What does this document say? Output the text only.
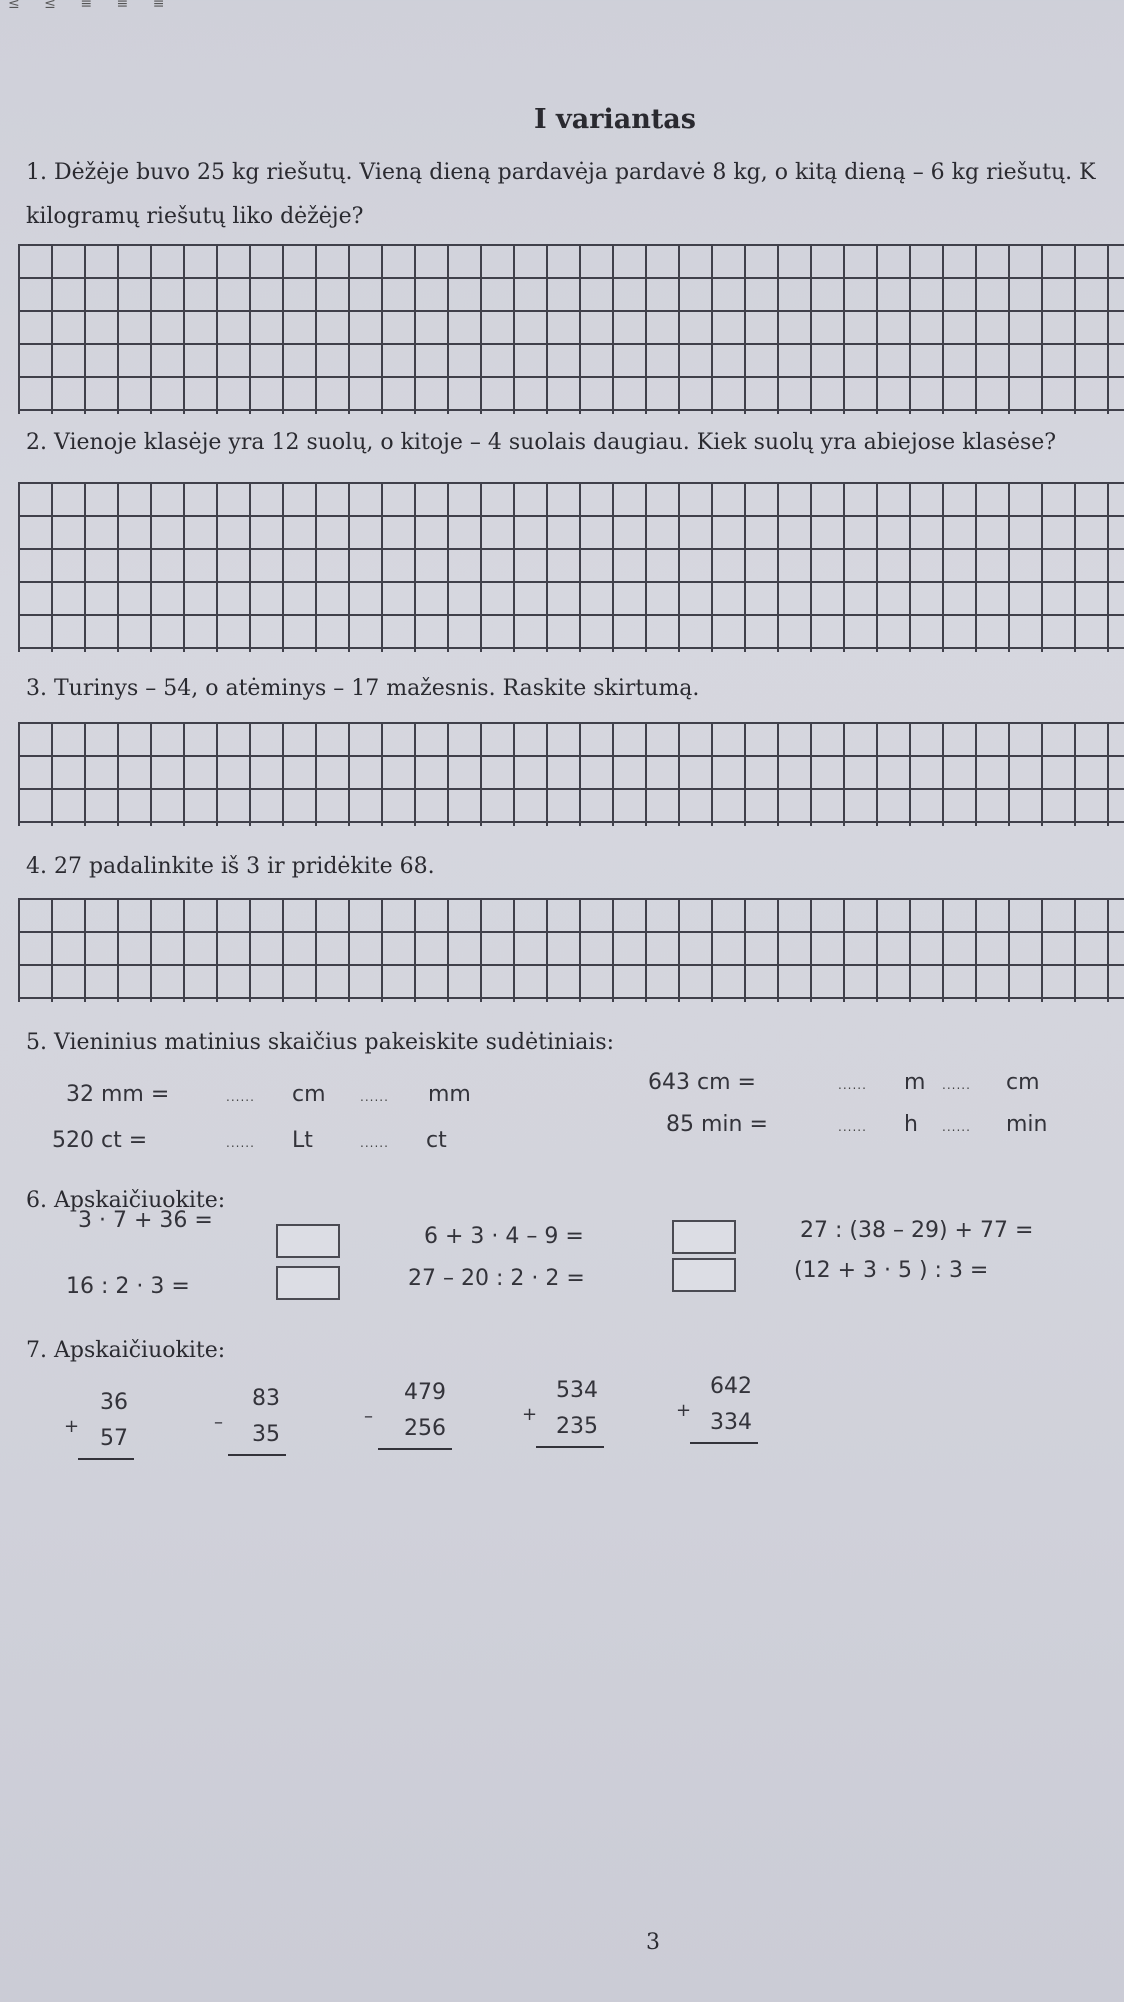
≤ ≤ ≡ ≡ ≡
I variantas
1. Dėžėje buvo 25 kg riešutų. Vieną dieną pardavėja pardavė 8 kg, o kitą dieną – 6 kg riešutų. K
kilogramų riešutų liko dėžėje?
2. Vienoje klasėje yra 12 suolų, o kitoje – 4 suolais daugiau. Kiek suolų yra abiejose klasėse?
3. Turinys – 54, o atėminys – 17 mažesnis. Raskite skirtumą.
4. 27 padalinkite iš 3 ir pridėkite 68.
5. Vieninius matinius skaičius pakeiskite sudėtiniais:
32 mm =	...... cm	...... mm
520 ct =	...... Lt	...... ct
643 cm =	...... m ...... cm
85 min =	...... h ...... min
6. Apskaičiuokite:
3 · 7 + 36 =
16 : 2 · 3 =
6 + 3 · 4 – 9 =
27 – 20 : 2 · 2 =
27 : (38 – 29) + 77 =
(12 + 3 · 5 ) : 3 =
7. Apskaičiuokite:
+
36
57
–
83
35
–
479
256
+
534
235
+
642
334
3
